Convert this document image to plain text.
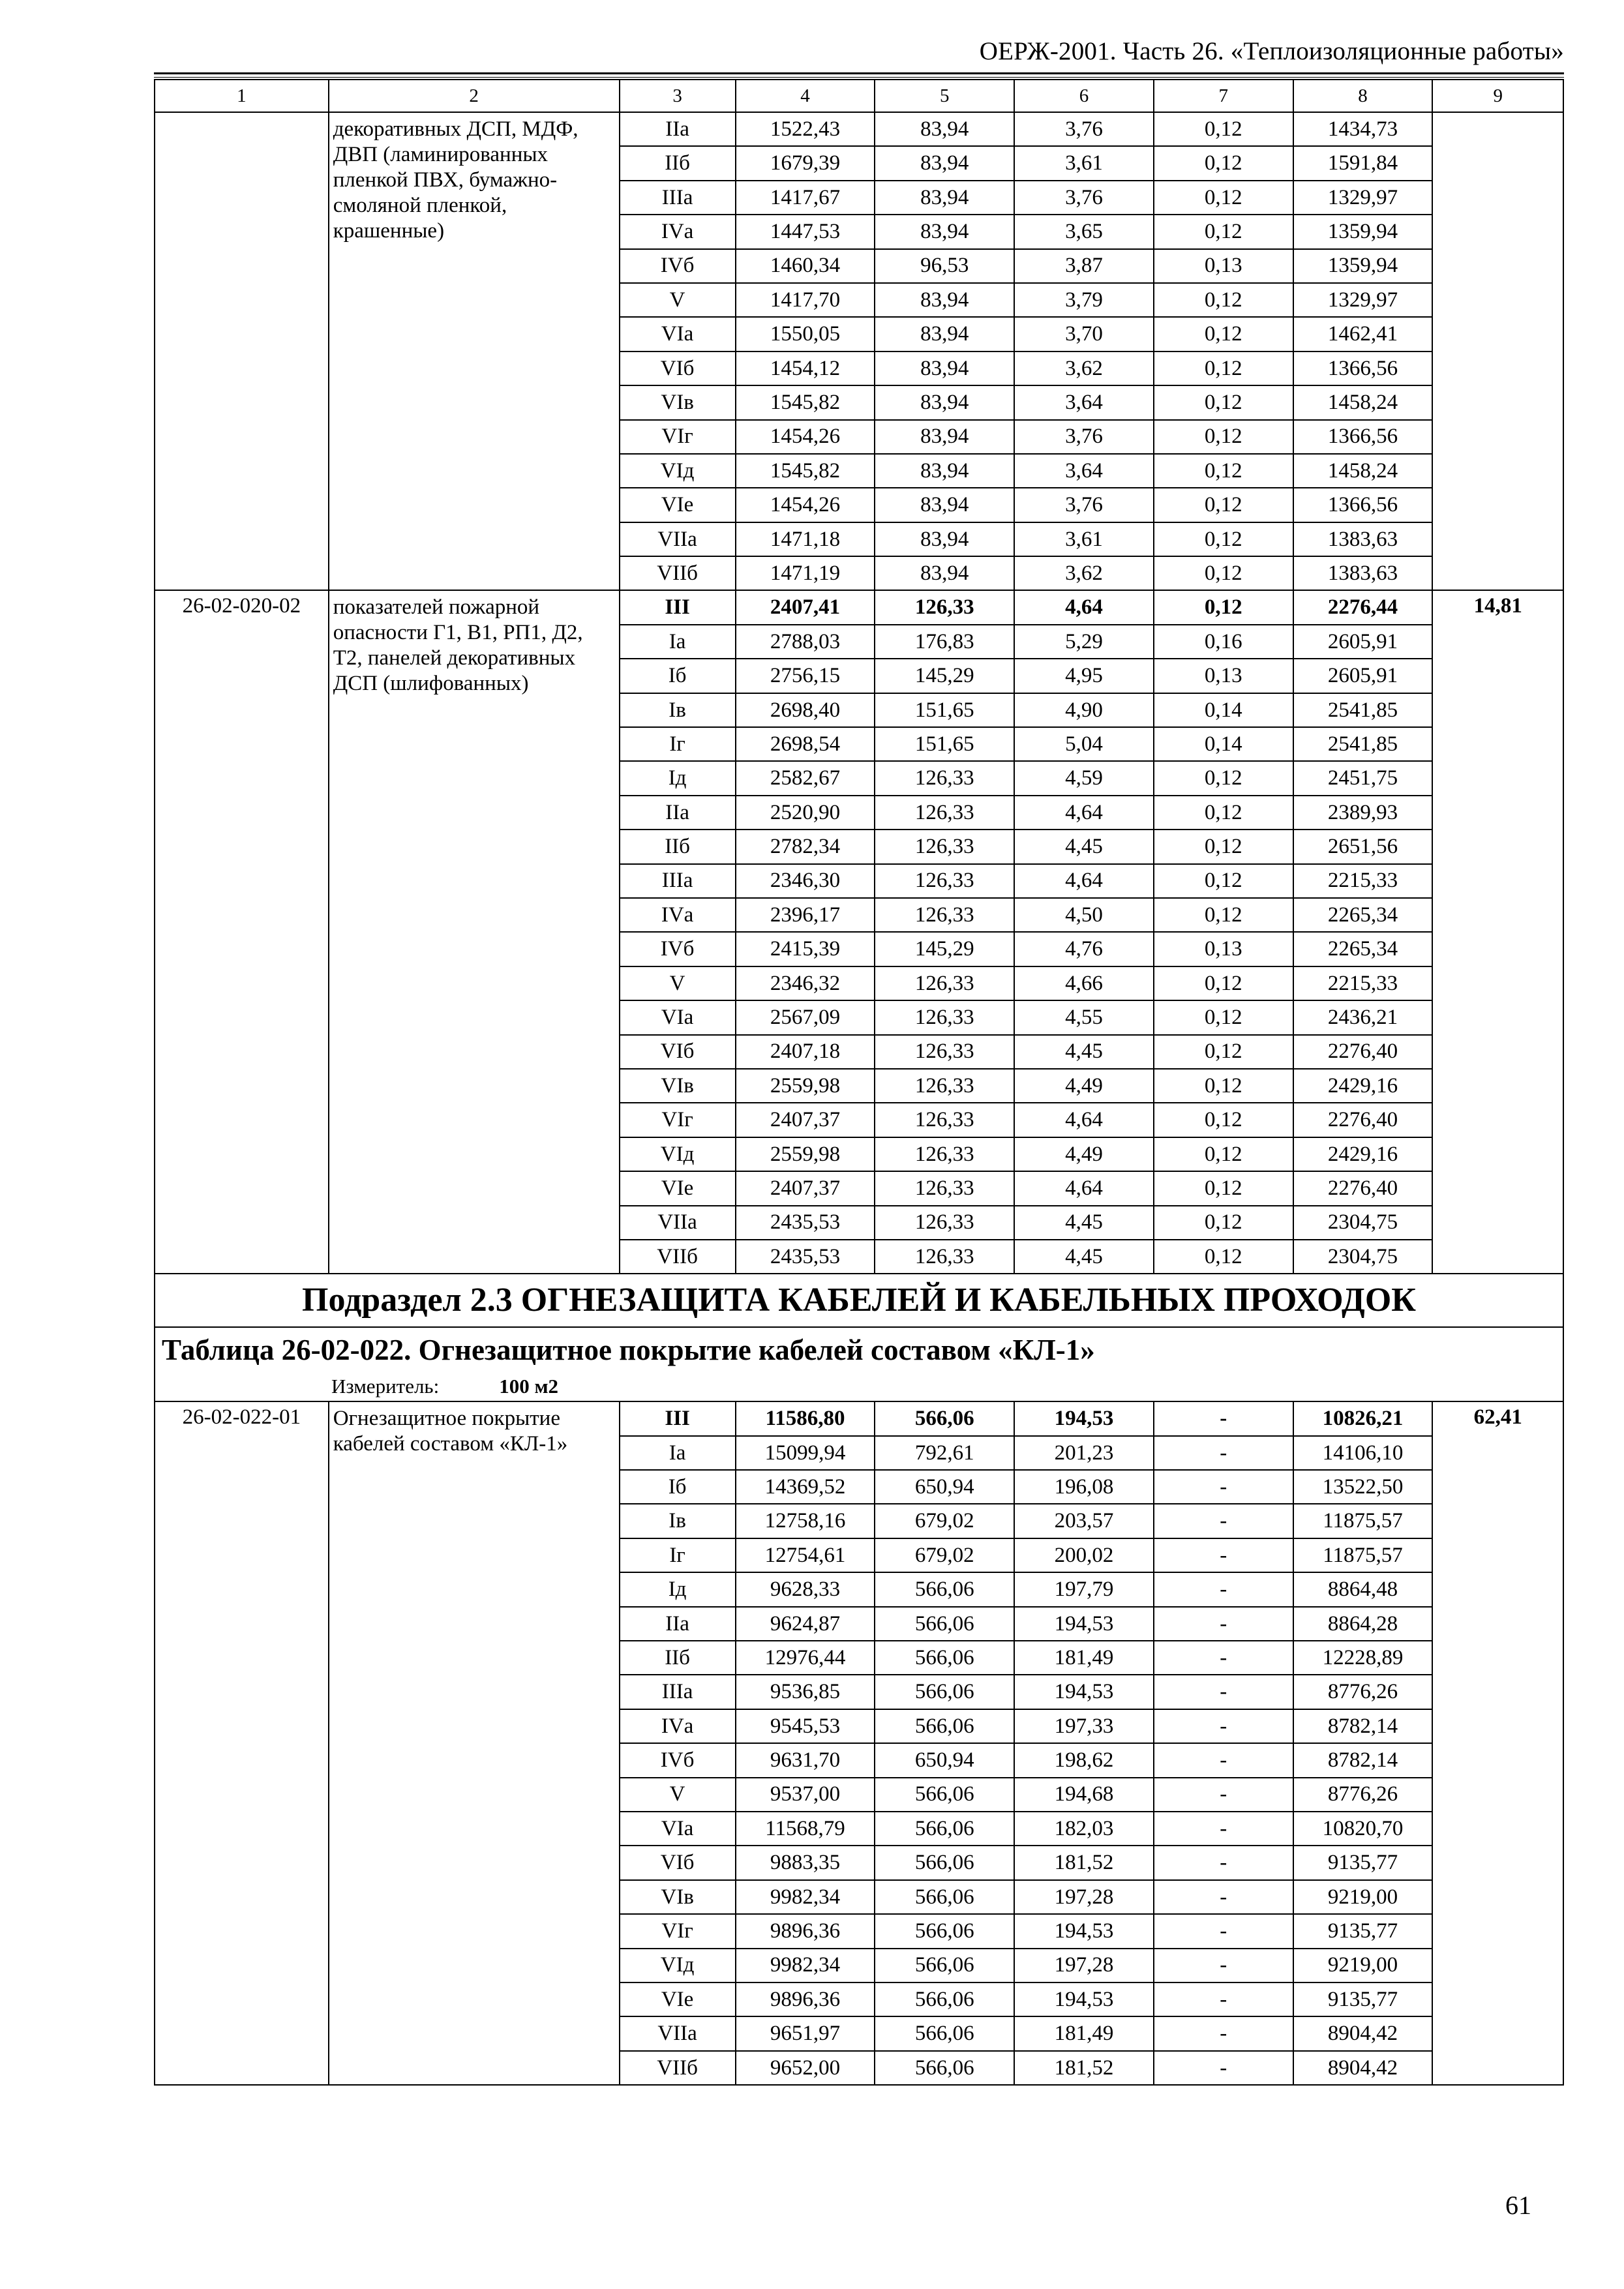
ОЕРЖ-2001. Часть 26. «Теплоизоляционные работы»
1	2	3	4	5	6	7	8	9
	декоративных ДСП, МДФ, ДВП (ламинированных пленкой ПВХ, бумажно-смоляной пленкой, крашенные)	IIа	1522,43	83,94	3,76	0,12	1434,73	
		IIб	1679,39	83,94	3,61	0,12	1591,84	
		IIIа	1417,67	83,94	3,76	0,12	1329,97	
		IVа	1447,53	83,94	3,65	0,12	1359,94	
		IVб	1460,34	96,53	3,87	0,13	1359,94	
		V	1417,70	83,94	3,79	0,12	1329,97	
		VIа	1550,05	83,94	3,70	0,12	1462,41	
		VIб	1454,12	83,94	3,62	0,12	1366,56	
		VIв	1545,82	83,94	3,64	0,12	1458,24	
		VIг	1454,26	83,94	3,76	0,12	1366,56	
		VIд	1545,82	83,94	3,64	0,12	1458,24	
		VIе	1454,26	83,94	3,76	0,12	1366,56	
		VIIа	1471,18	83,94	3,61	0,12	1383,63	
		VIIб	1471,19	83,94	3,62	0,12	1383,63	
26-02-020-02	показателей пожарной опасности Г1, В1, РП1, Д2, Т2, панелей декоративных ДСП (шлифованных)	III	2407,41	126,33	4,64	0,12	2276,44	14,81
		Iа	2788,03	176,83	5,29	0,16	2605,91	
		Iб	2756,15	145,29	4,95	0,13	2605,91	
		Iв	2698,40	151,65	4,90	0,14	2541,85	
		Iг	2698,54	151,65	5,04	0,14	2541,85	
		Iд	2582,67	126,33	4,59	0,12	2451,75	
		IIа	2520,90	126,33	4,64	0,12	2389,93	
		IIб	2782,34	126,33	4,45	0,12	2651,56	
		IIIа	2346,30	126,33	4,64	0,12	2215,33	
		IVа	2396,17	126,33	4,50	0,12	2265,34	
		IVб	2415,39	145,29	4,76	0,13	2265,34	
		V	2346,32	126,33	4,66	0,12	2215,33	
		VIа	2567,09	126,33	4,55	0,12	2436,21	
		VIб	2407,18	126,33	4,45	0,12	2276,40	
		VIв	2559,98	126,33	4,49	0,12	2429,16	
		VIг	2407,37	126,33	4,64	0,12	2276,40	
		VIд	2559,98	126,33	4,49	0,12	2429,16	
		VIе	2407,37	126,33	4,64	0,12	2276,40	
		VIIа	2435,53	126,33	4,45	0,12	2304,75	
		VIIб	2435,53	126,33	4,45	0,12	2304,75	
Подраздел 2.3 ОГНЕЗАЩИТА КАБЕЛЕЙ И КАБЕЛЬНЫХ ПРОХОДОК								
Таблица 26-02-022. Огнезащитное покрытие кабелей составом «КЛ-1»								
Измеритель: 100 м2								
26-02-022-01	Огнезащитное покрытие кабелей составом «КЛ-1»	III	11586,80	566,06	194,53	-	10826,21	62,41
		Iа	15099,94	792,61	201,23	-	14106,10	
		Iб	14369,52	650,94	196,08	-	13522,50	
		Iв	12758,16	679,02	203,57	-	11875,57	
		Iг	12754,61	679,02	200,02	-	11875,57	
		Iд	9628,33	566,06	197,79	-	8864,48	
		IIа	9624,87	566,06	194,53	-	8864,28	
		IIб	12976,44	566,06	181,49	-	12228,89	
		IIIа	9536,85	566,06	194,53	-	8776,26	
		IVа	9545,53	566,06	197,33	-	8782,14	
		IVб	9631,70	650,94	198,62	-	8782,14	
		V	9537,00	566,06	194,68	-	8776,26	
		VIа	11568,79	566,06	182,03	-	10820,70	
		VIб	9883,35	566,06	181,52	-	9135,77	
		VIв	9982,34	566,06	197,28	-	9219,00	
		VIг	9896,36	566,06	194,53	-	9135,77	
		VIд	9982,34	566,06	197,28	-	9219,00	
		VIе	9896,36	566,06	194,53	-	9135,77	
		VIIа	9651,97	566,06	181,49	-	8904,42	
		VIIб	9652,00	566,06	181,52	-	8904,42	
61
